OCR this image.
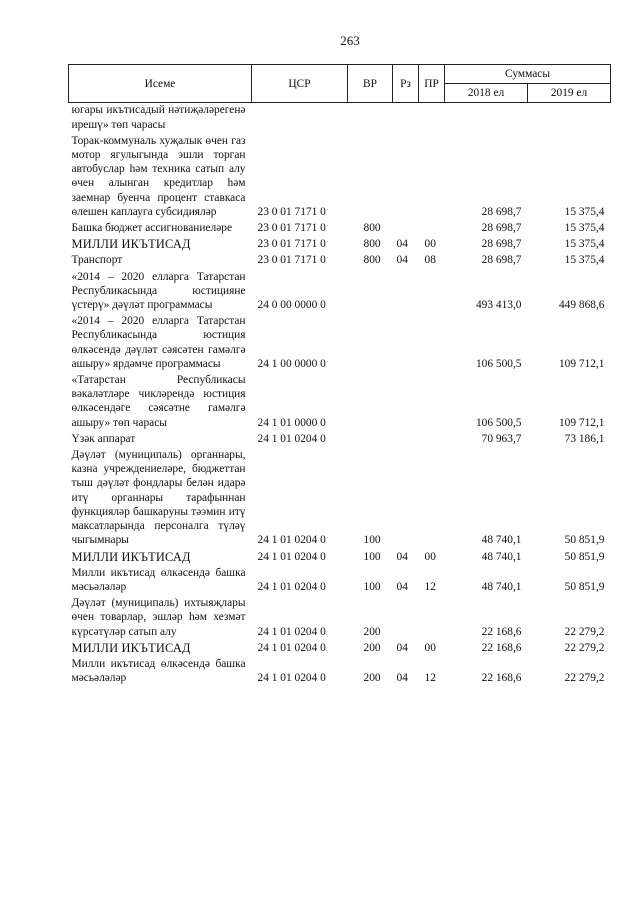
263
Исеме	ЦСР	ВР	Рз	ПР	Суммасы	
					2018 ел	2019 ел
югары икътисадый нәтиҗәләрегенә ирешү» төп чарасы						
Торак-коммуналь хуҗалык өчен газ мотор ягулыгында эшли торган автобуслар һәм техника сатып алу өчен алынган кредитлар һәм заемнар буенча процент ставкаса өлешен каплауга субсидияләр	23 0 01 7171 0				28 698,7	15 375,4
Башка бюджет ассигнованиеләре	23 0 01 7171 0	800			28 698,7	15 375,4
МИЛЛИ ИКЪТИСАД	23 0 01 7171 0	800	04	00	28 698,7	15 375,4
Транспорт	23 0 01 7171 0	800	04	08	28 698,7	15 375,4
«2014 – 2020 елларга Татарстан Республикасында юстицияне үстерү» дәүләт программасы	24 0 00 0000 0				493 413,0	449 868,6
«2014 – 2020 елларга Татарстан Республикасында юстиция өлкәсендә дәүләт сәясәтен гамәлгә ашыру» ярдәмче программасы	24 1 00 0000 0				106 500,5	109 712,1
«Татарстан Республикасы вәкаләтләре чикләрендә юстиция өлкәсендәге сәясәтне гамәлгә ашыру» төп чарасы	24 1 01 0000 0				106 500,5	109 712,1
Үзәк аппарат	24 1 01 0204 0				70 963,7	73 186,1
Дәүләт (муниципаль) органнары, казна учреждениеләре, бюджеттан тыш дәүләт фондлары белән идарә итү органнары тарафыннан функцияләр башкаруны тәэмин итү максатларында персоналга түләү чыгымнары	24 1 01 0204 0	100			48 740,1	50 851,9
МИЛЛИ ИКЪТИСАД	24 1 01 0204 0	100	04	00	48 740,1	50 851,9
Милли икътисад өлкәсендә башка мәсьәләләр	24 1 01 0204 0	100	04	12	48 740,1	50 851,9
Дәүләт (муниципаль) ихтыяҗлары өчен товарлар, эшләр һәм хезмәт күрсәтүләр сатып алу	24 1 01 0204 0	200			22 168,6	22 279,2
МИЛЛИ ИКЪТИСАД	24 1 01 0204 0	200	04	00	22 168,6	22 279,2
Милли икътисад өлкәсендә башка мәсьәләләр	24 1 01 0204 0	200	04	12	22 168,6	22 279,2
